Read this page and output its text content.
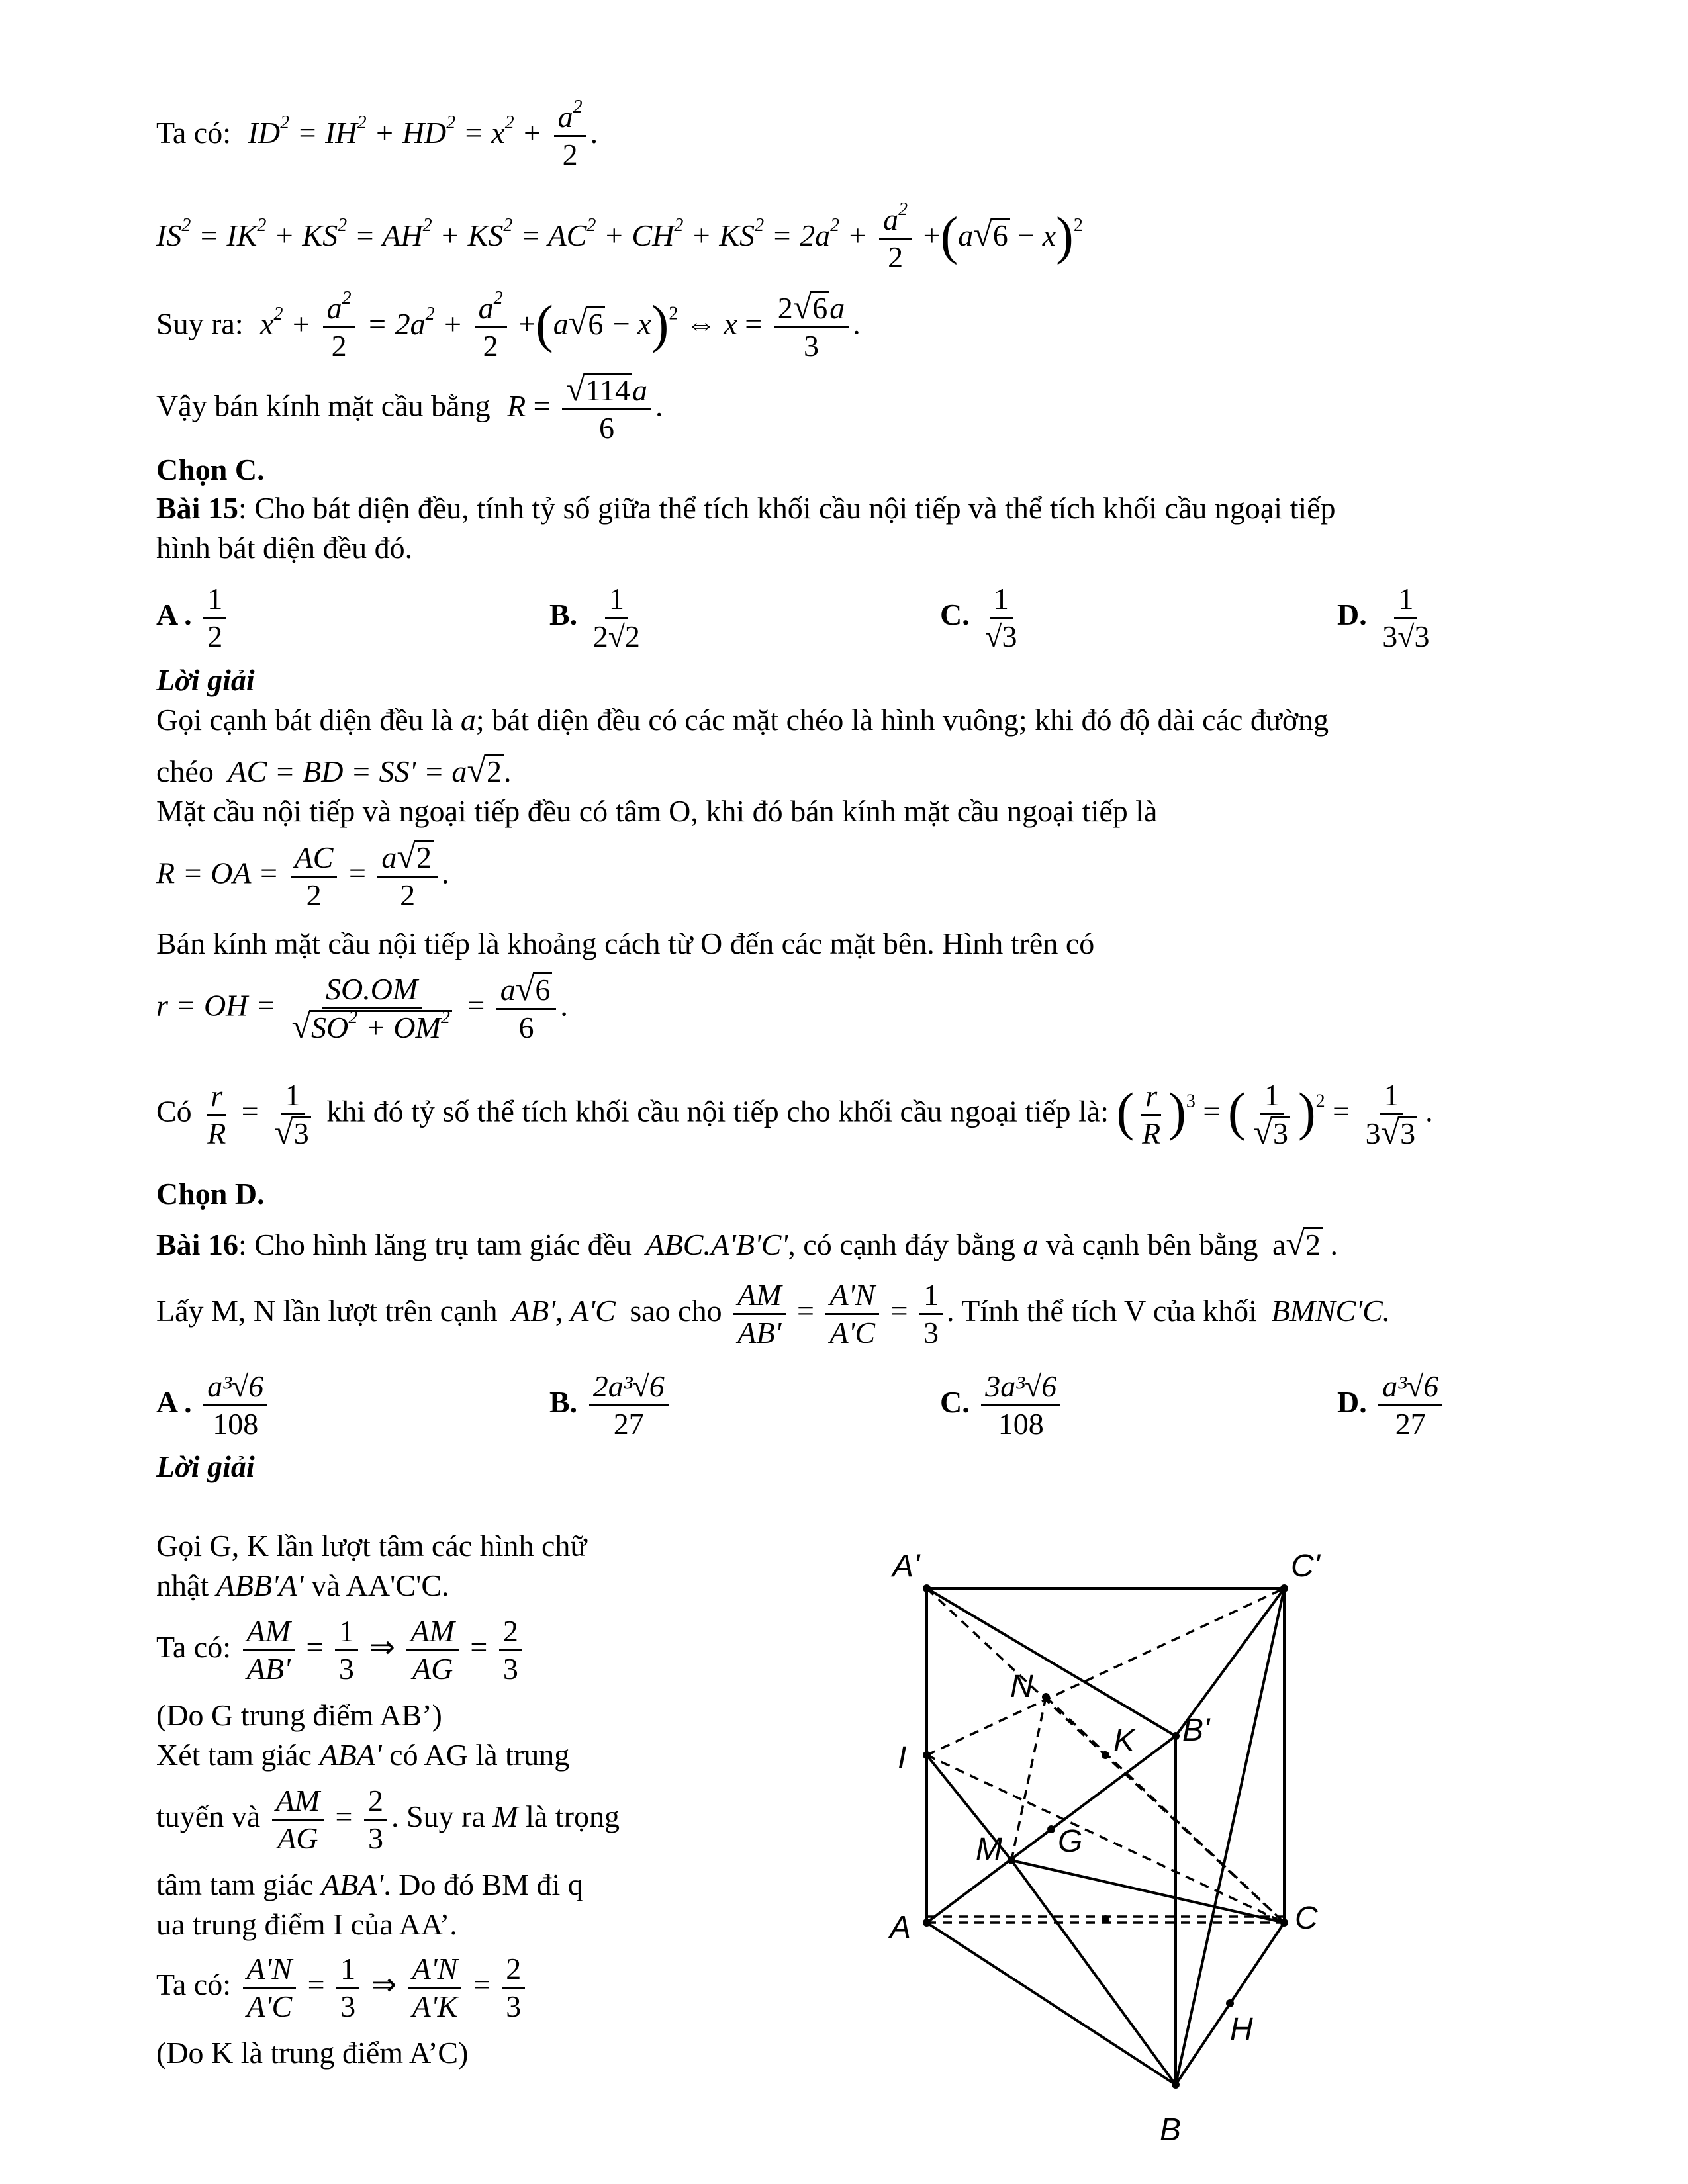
Ta có: $ID^2 = IH^2 + HD^2 = x^2 + \frac{a^2}{2}$ .
$IS^2 = IK^2 + KS^2 = AH^2 + KS^2 = AC^2 + CH^2 + KS^2 = 2a^2 + \frac{a^2}{2} +(a√6 - x)^2$
Suy ra: $x^2 + \frac{a^2}{2} = 2a^2 + \frac{a^2}{2} +(a√6 - x)^2$ ⇔ $x = \frac{2√6a}{3}$ .
Vậy bán kính mặt cầu bằng $R = \frac{√114a}{6}$ .
Chọn C.
Bài 15: Cho bát diện đều, tính tỷ số giữa thể tích khối cầu nội tiếp và thể tích khối cầu ngoại tiếp
hình bát diện đều đó.
A . $\frac{1}{2}$	B. $\frac{1}{2√2}$	C. $\frac{1}{√3}$	D. $\frac{1}{3√3}$
Lời giải
Gọi cạnh bát diện đều là a; bát diện đều có các mặt chéo là hình vuông; khi đó độ dài các đường
chéo AC = BD = SS' = a√2.
Mặt cầu nội tiếp và ngoại tiếp đều có tâm O, khi đó bán kính mặt cầu ngoại tiếp là
R = OA = $\frac{AC}{2} = \frac{a√2}{2}$ .
Bán kính mặt cầu nội tiếp là khoảng cách từ O đến các mặt bên. Hình trên có
r = OH = $\frac{SO.OM}{√SO^2 + OM^2} = \frac{a√6}{6}$ .
Có $\frac{r}{R} = \frac{1}{√3}$ khi đó tỷ số thể tích khối cầu nội tiếp cho khối cầu ngoại tiếp là: ( $\frac{r}{R} )^3$ = ( $\frac{1}{√3} )^2 = \frac{1}{3√3}$ .
Chọn D.
Bài 16: Cho hình lăng trụ tam giác đều ABC.A'B'C', có cạnh đáy bằng a và cạnh bên bằng a√2 .
Lấy M, N lần lượt trên cạnh AB', A'C sao cho $\frac{AM}{AB'} = \frac{A'N}{A'C} = \frac{1}{3}$ . Tính thể tích V của khối BMNC'C.
A . $\frac{\text{a³√6}}{108}$	B. $\frac{\text{2a³√6}}{27}$	C. $\frac{\text{3a³√6}}{108}$	D. $\frac{\text{a³√6}}{27}$
Lời giải
Gọi G, K lần lượt tâm các hình chữ
nhật ABB'A' và AA'C'C.
Ta có: $\frac{AM}{AB'} = \frac{1}{3}$ ⇒ $\frac{AM}{AG} = \frac{2}{3}$
(Do G trung điểm AB’)
Xét tam giác ABA' có AG là trung
tuyến và $\frac{AM}{AG} = \frac{2}{3}$ . Suy ra M là trọng
tâm tam giác ABA'. Do đó BM đi q
ua trung điểm I của AA’.
Ta có: $\frac{A'N}{A'C} = \frac{1}{3}$ ⇒ $\frac{A'N}{A'K} = \frac{2}{3}$
(Do K là trung điểm A’C)
A'	C'
N
K B'
I
G
M
A	C
H
B
